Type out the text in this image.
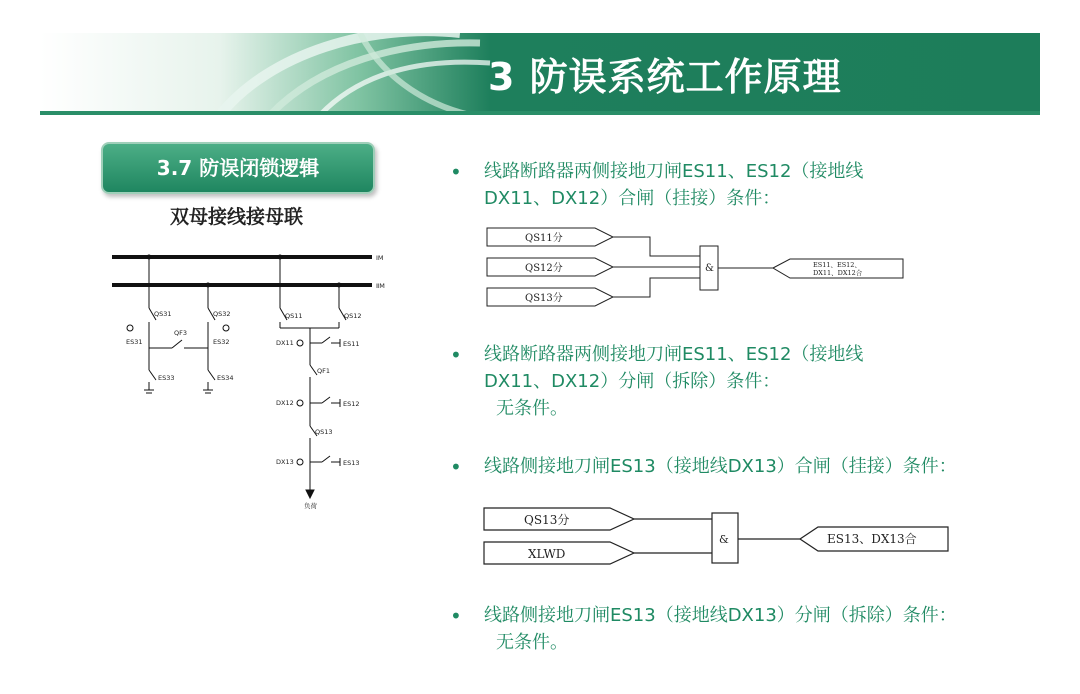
3 防误系统工作原理
3.7 防误闭锁逻辑
双母接线接母联
ⅠM
ⅡM
QS31	QS32
QF3
ES31	ES32
ES33	ES34
QS11	QS12
DX11	ES11
QF1
DX12	ES12
QS13
DX13	ES13
负荷
• 线路断路器两侧接地刀闸ES11、ES12（接地线
DX11、DX12）合闸（挂接）条件：
QS11分
QS12分
QS13分
&	ES11、ES12、
DX11、DX12合
• 线路断路器两侧接地刀闸ES11、ES12（接地线
DX11、DX12）分闸（拆除）条件：
无条件。
• 线路侧接地刀闸ES13（接地线DX13）合闸（挂接）条件：
QS13分
XLWD
&	ES13、DX13合
• 线路侧接地刀闸ES13（接地线DX13）分闸（拆除）条件：
无条件。
